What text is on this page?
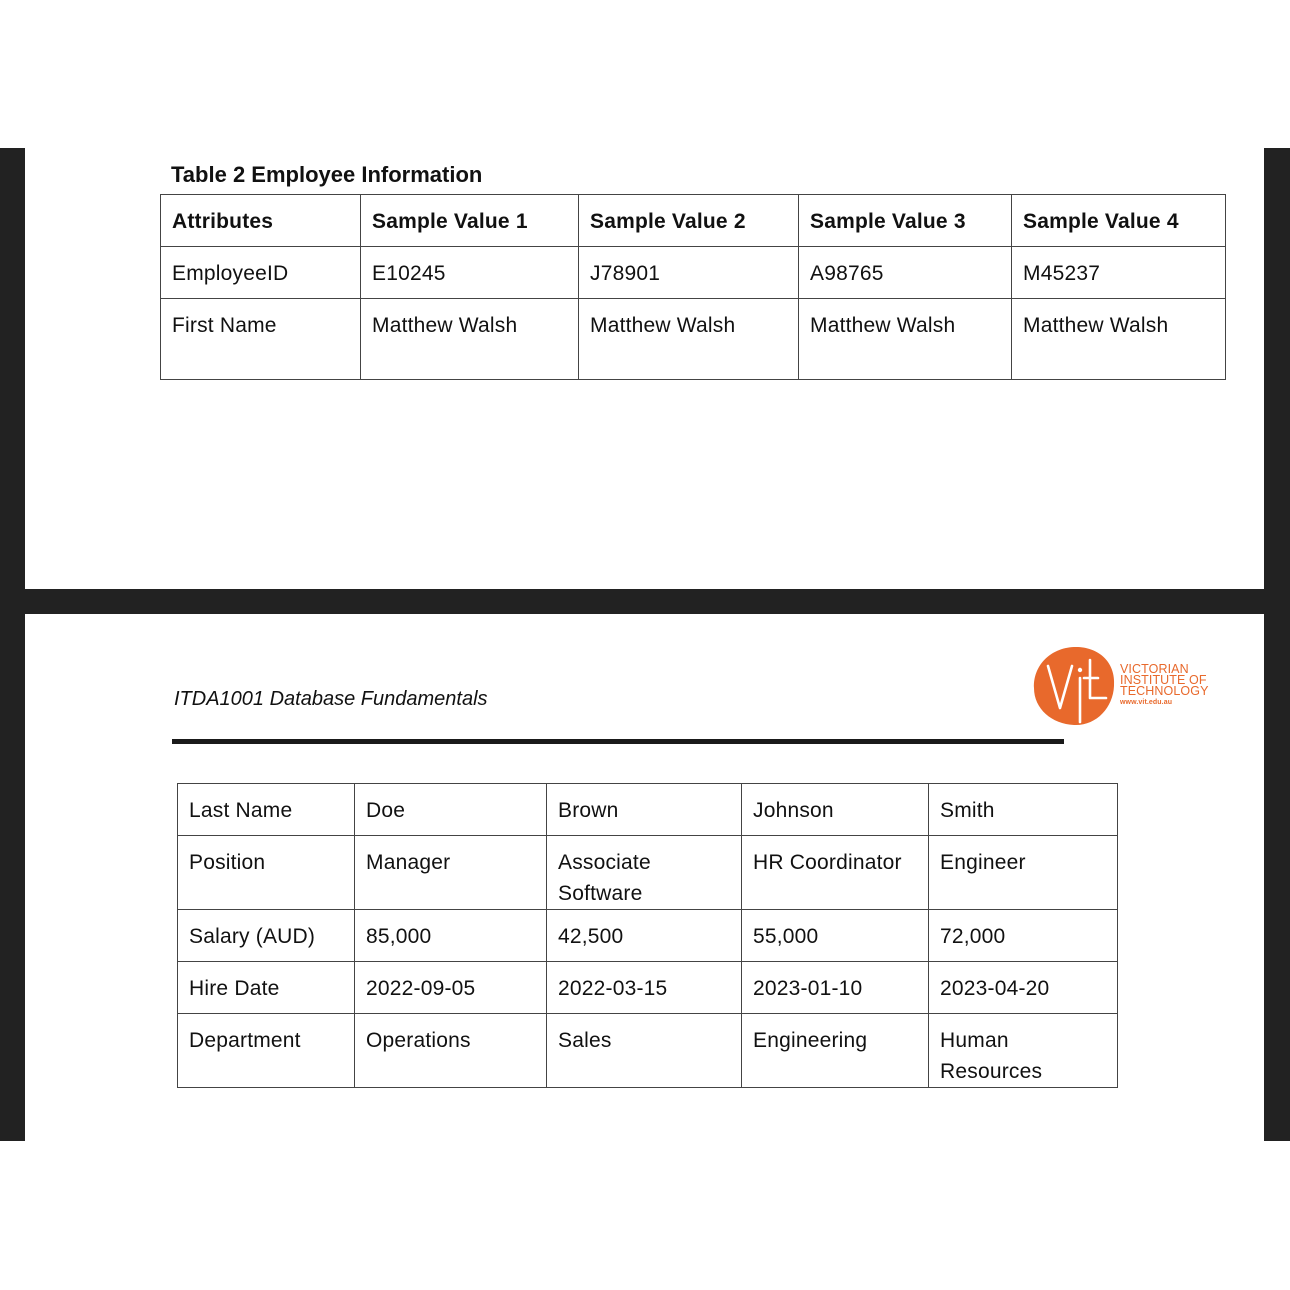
Table 2 Employee Information
Attributes	Sample Value 1	Sample Value 2	Sample Value 3	Sample Value 4
EmployeeID	E10245	J78901	A98765	M45237
First Name	Matthew Walsh	Matthew Walsh	Matthew Walsh	Matthew Walsh
ITDA1001 Database Fundamentals
VICTORIAN
INSTITUTE OF
TECHNOLOGY
www.vit.edu.au
Last Name	Doe	Brown	Johnson	Smith
Position	Manager	Associate Software	HR Coordinator	Engineer
Salary (AUD)	85,000	42,500	55,000	72,000
Hire Date	2022-09-05	2022-03-15	2023-01-10	2023-04-20
Department	Operations	Sales	Engineering	Human Resources
